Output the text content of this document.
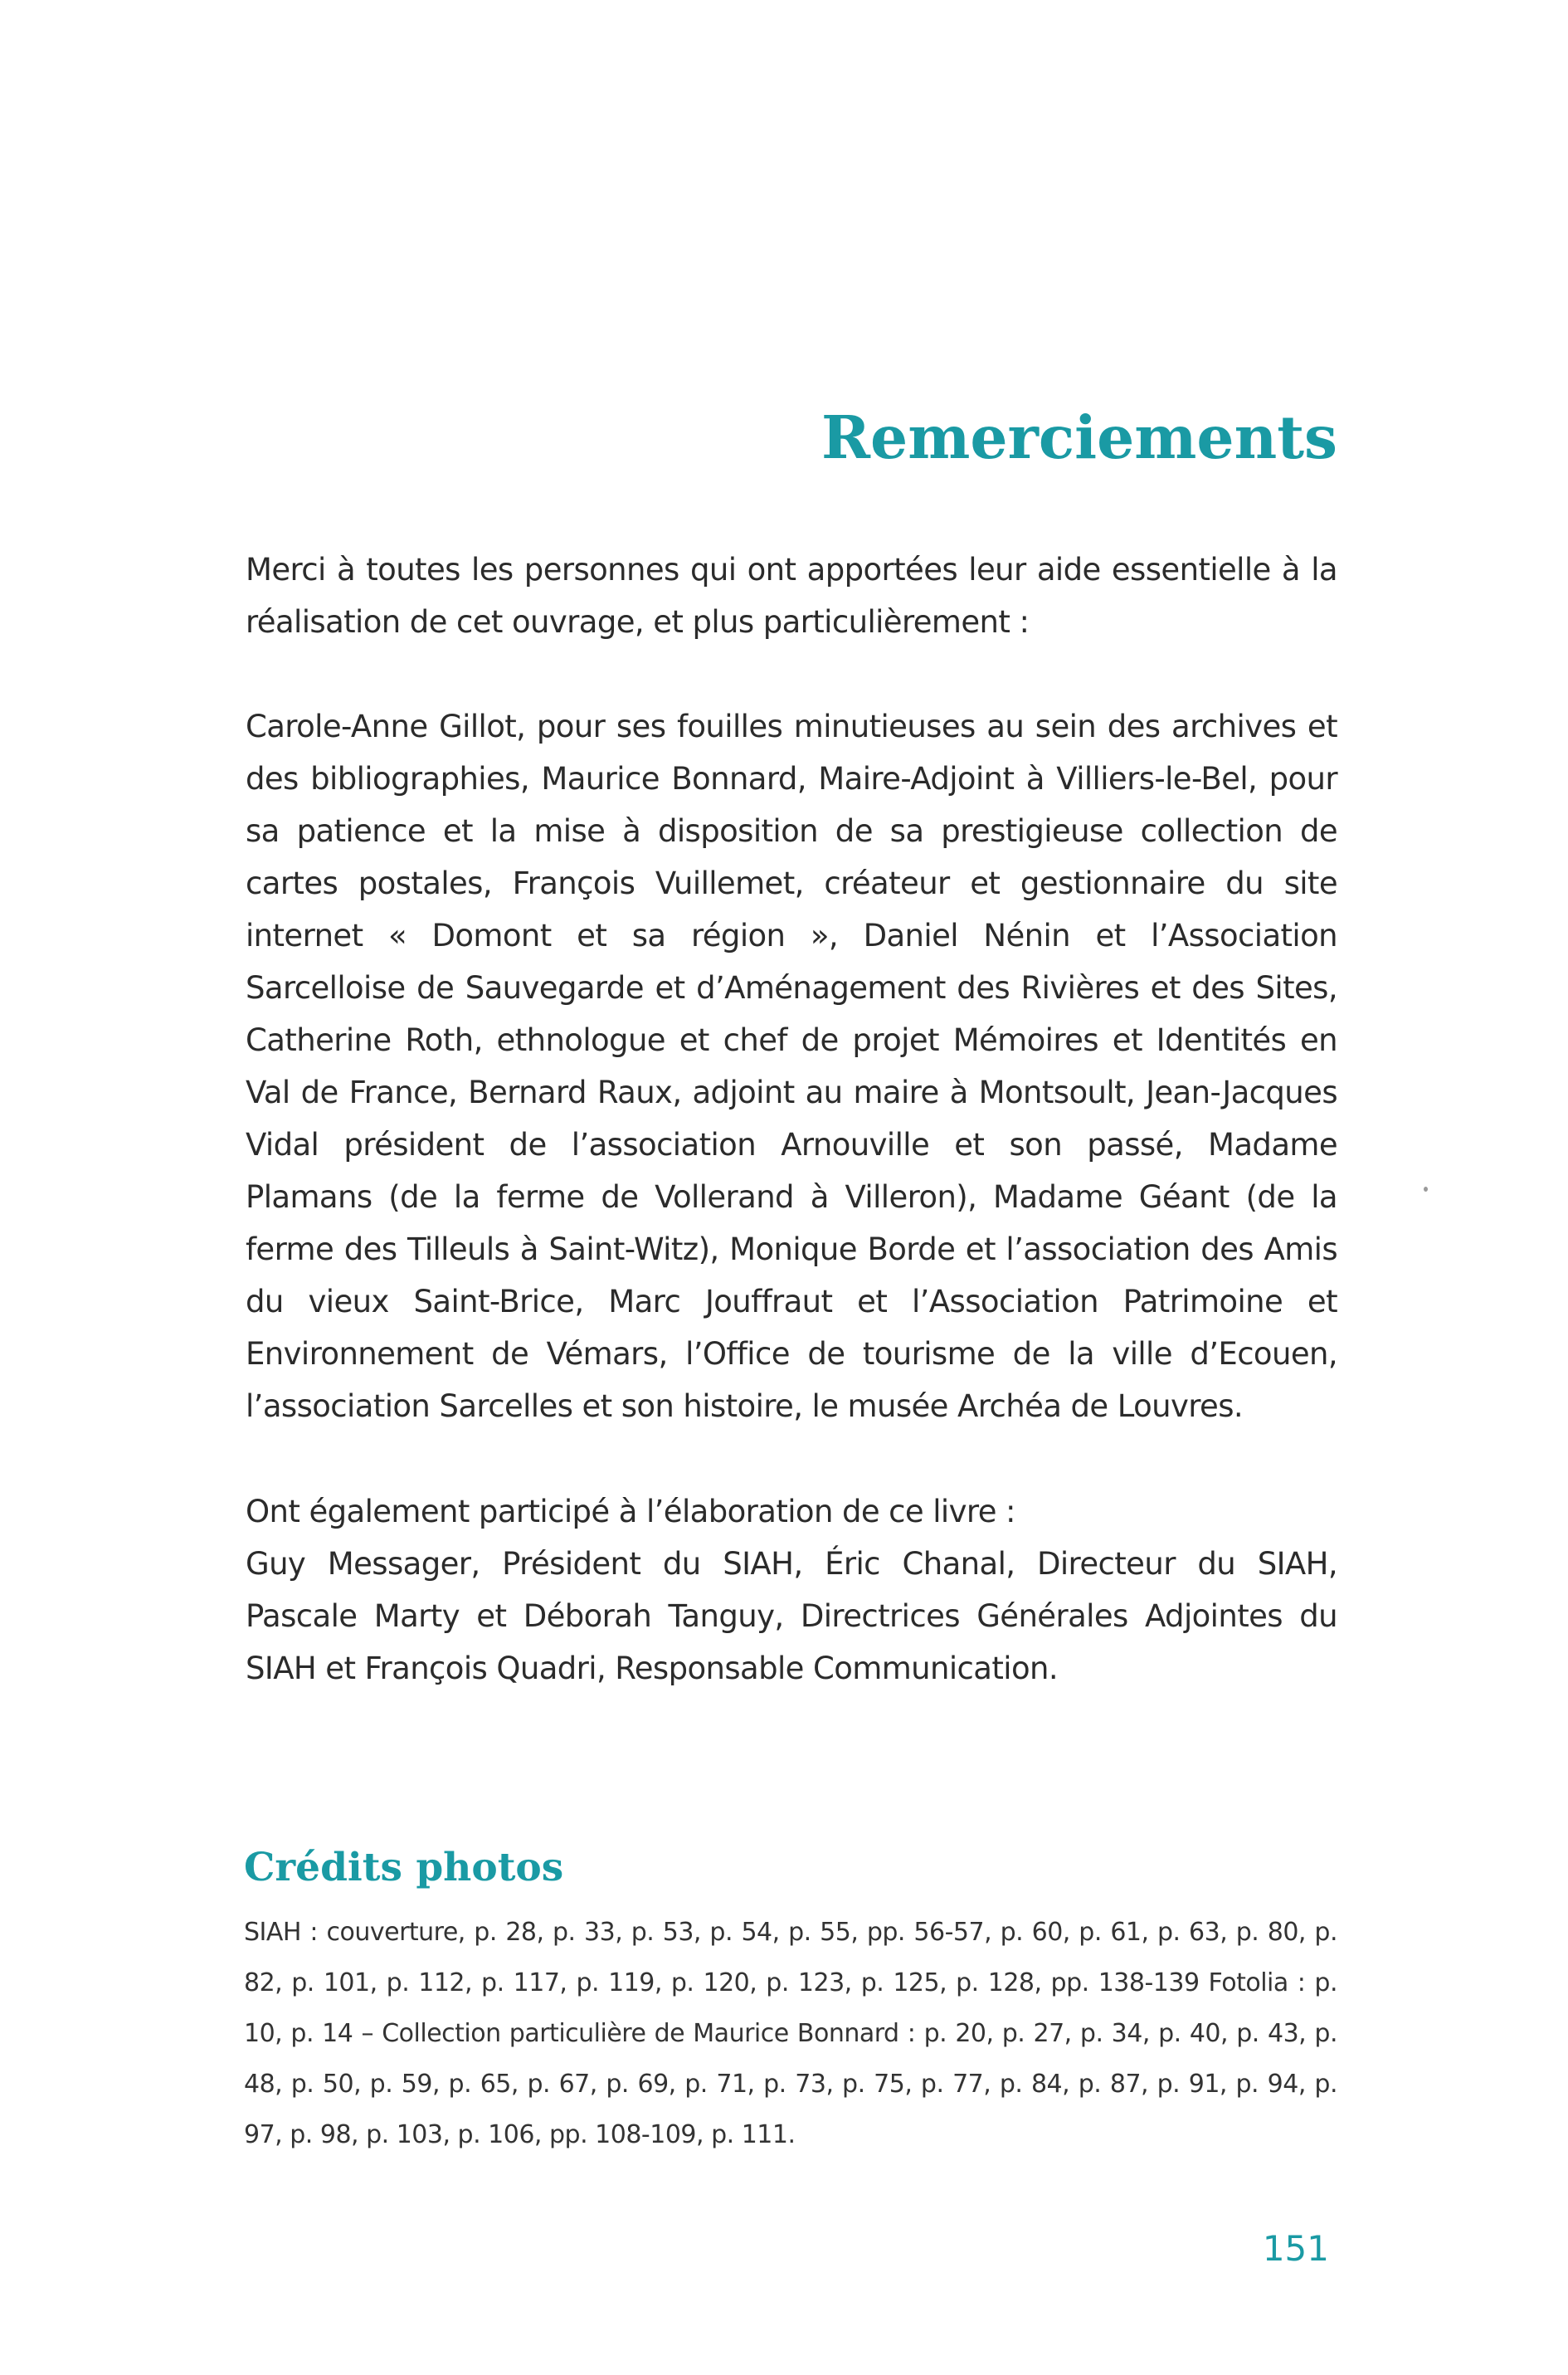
Remerciements

Merci à toutes les personnes qui ont apportées leur aide essentielle à la réalisation de cet ouvrage, et plus particulièrement :

Carole-Anne Gillot, pour ses fouilles minutieuses au sein des archives et des bibliographies, Maurice Bonnard, Maire-Adjoint à Villiers-le-Bel, pour sa patience et la mise à disposition de sa prestigieuse collection de cartes postales, François Vuillemet, créateur et gestionnaire du site internet « Domont et sa région », Daniel Nénin et l’Association Sarcelloise de Sauvegarde et d’Aménagement des Rivières et des Sites, Catherine Roth, ethnologue et chef de projet Mémoires et Identités en Val de France, Bernard Raux, adjoint au maire à Montsoult, Jean-Jacques Vidal président de l’association Arnouville et son passé, Madame Plamans (de la ferme de Vollerand à Villeron), Madame Géant (de la ferme des Tilleuls à Saint-Witz), Monique Borde et l’association des Amis du vieux Saint-Brice, Marc Jouffraut et l’Association Patrimoine et Environnement de Vémars, l’Office de tourisme de la ville d’Ecouen, l’association Sarcelles et son histoire, le musée Archéa de Louvres.

Ont également participé à l’élaboration de ce livre :

Guy Messager, Président du SIAH, Éric Chanal, Directeur du SIAH, Pascale Marty et Déborah Tanguy, Directrices Générales Adjointes du SIAH et François Quadri, Responsable Communication.

Crédits photos

SIAH : couverture, p. 28, p. 33, p. 53, p. 54, p. 55, pp. 56-57, p. 60, p. 61, p. 63, p. 80, p. 82, p. 101, p. 112, p. 117, p. 119, p. 120, p. 123, p. 125, p. 128, pp. 138-139 Fotolia : p. 10, p. 14 – Collection particulière de Maurice Bonnard : p. 20, p. 27, p. 34, p. 40, p. 43, p. 48, p. 50, p. 59, p. 65, p. 67, p. 69, p. 71, p. 73, p. 75, p. 77, p. 84, p. 87, p. 91, p. 94, p. 97, p. 98, p. 103, p. 106, pp. 108-109, p. 111.

151
